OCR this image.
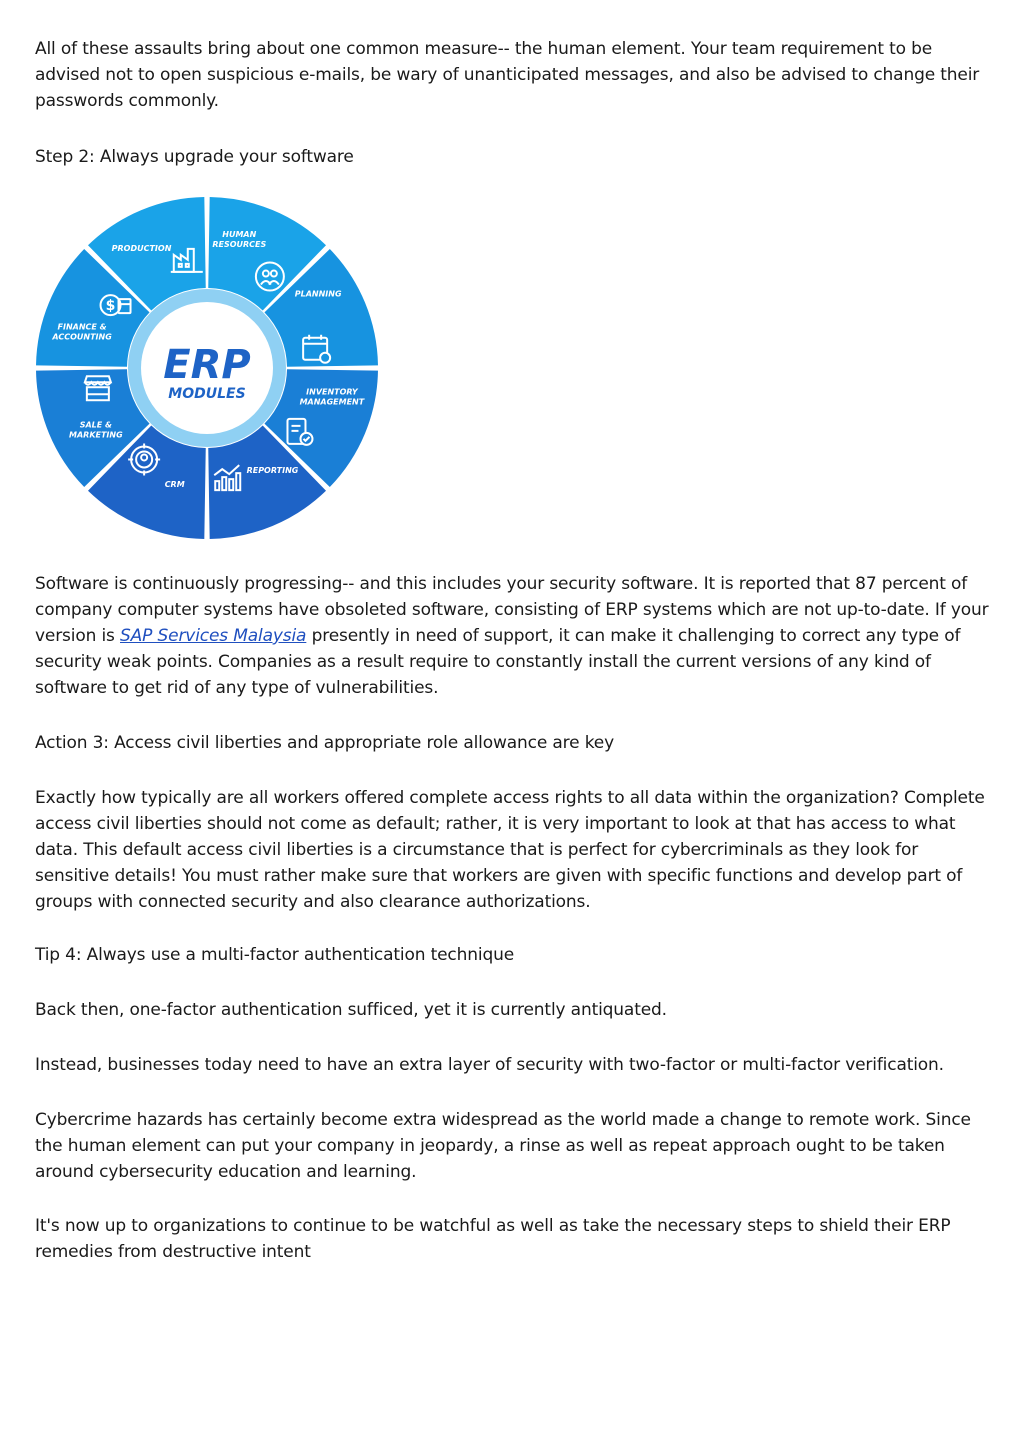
All of these assaults bring about one common measure-- the human element. Your team requirement to be advised not to open suspicious e-mails, be wary of unanticipated messages, and also be advised to change their passwords commonly.

Step 2: Always upgrade your software

HUMAN
RESOURCES
PLANNING
INVENTORY
MANAGEMENT
REPORTING
CRM
SALE &
MARKETING
FINANCE &
ACCOUNTING
$
PRODUCTION
ERP
MODULES

Software is continuously progressing-- and this includes your security software. It is reported that 87 percent of company computer systems have obsoleted software, consisting of ERP systems which are not up-to-date. If your version is SAP Services Malaysia presently in need of support, it can make it challenging to correct any type of security weak points. Companies as a result require to constantly install the current versions of any kind of software to get rid of any type of vulnerabilities.

Action 3: Access civil liberties and appropriate role allowance are key

Exactly how typically are all workers offered complete access rights to all data within the organization? Complete access civil liberties should not come as default; rather, it is very important to look at that has access to what data. This default access civil liberties is a circumstance that is perfect for cybercriminals as they look for sensitive details! You must rather make sure that workers are given with specific functions and develop part of groups with connected security and also clearance authorizations.

Tip 4: Always use a multi-factor authentication technique

Back then, one-factor authentication sufficed, yet it is currently antiquated.

Instead, businesses today need to have an extra layer of security with two-factor or multi-factor verification.

Cybercrime hazards has certainly become extra widespread as the world made a change to remote work. Since the human element can put your company in jeopardy, a rinse as well as repeat approach ought to be taken around cybersecurity education and learning.

It's now up to organizations to continue to be watchful as well as take the necessary steps to shield their ERP remedies from destructive intent
